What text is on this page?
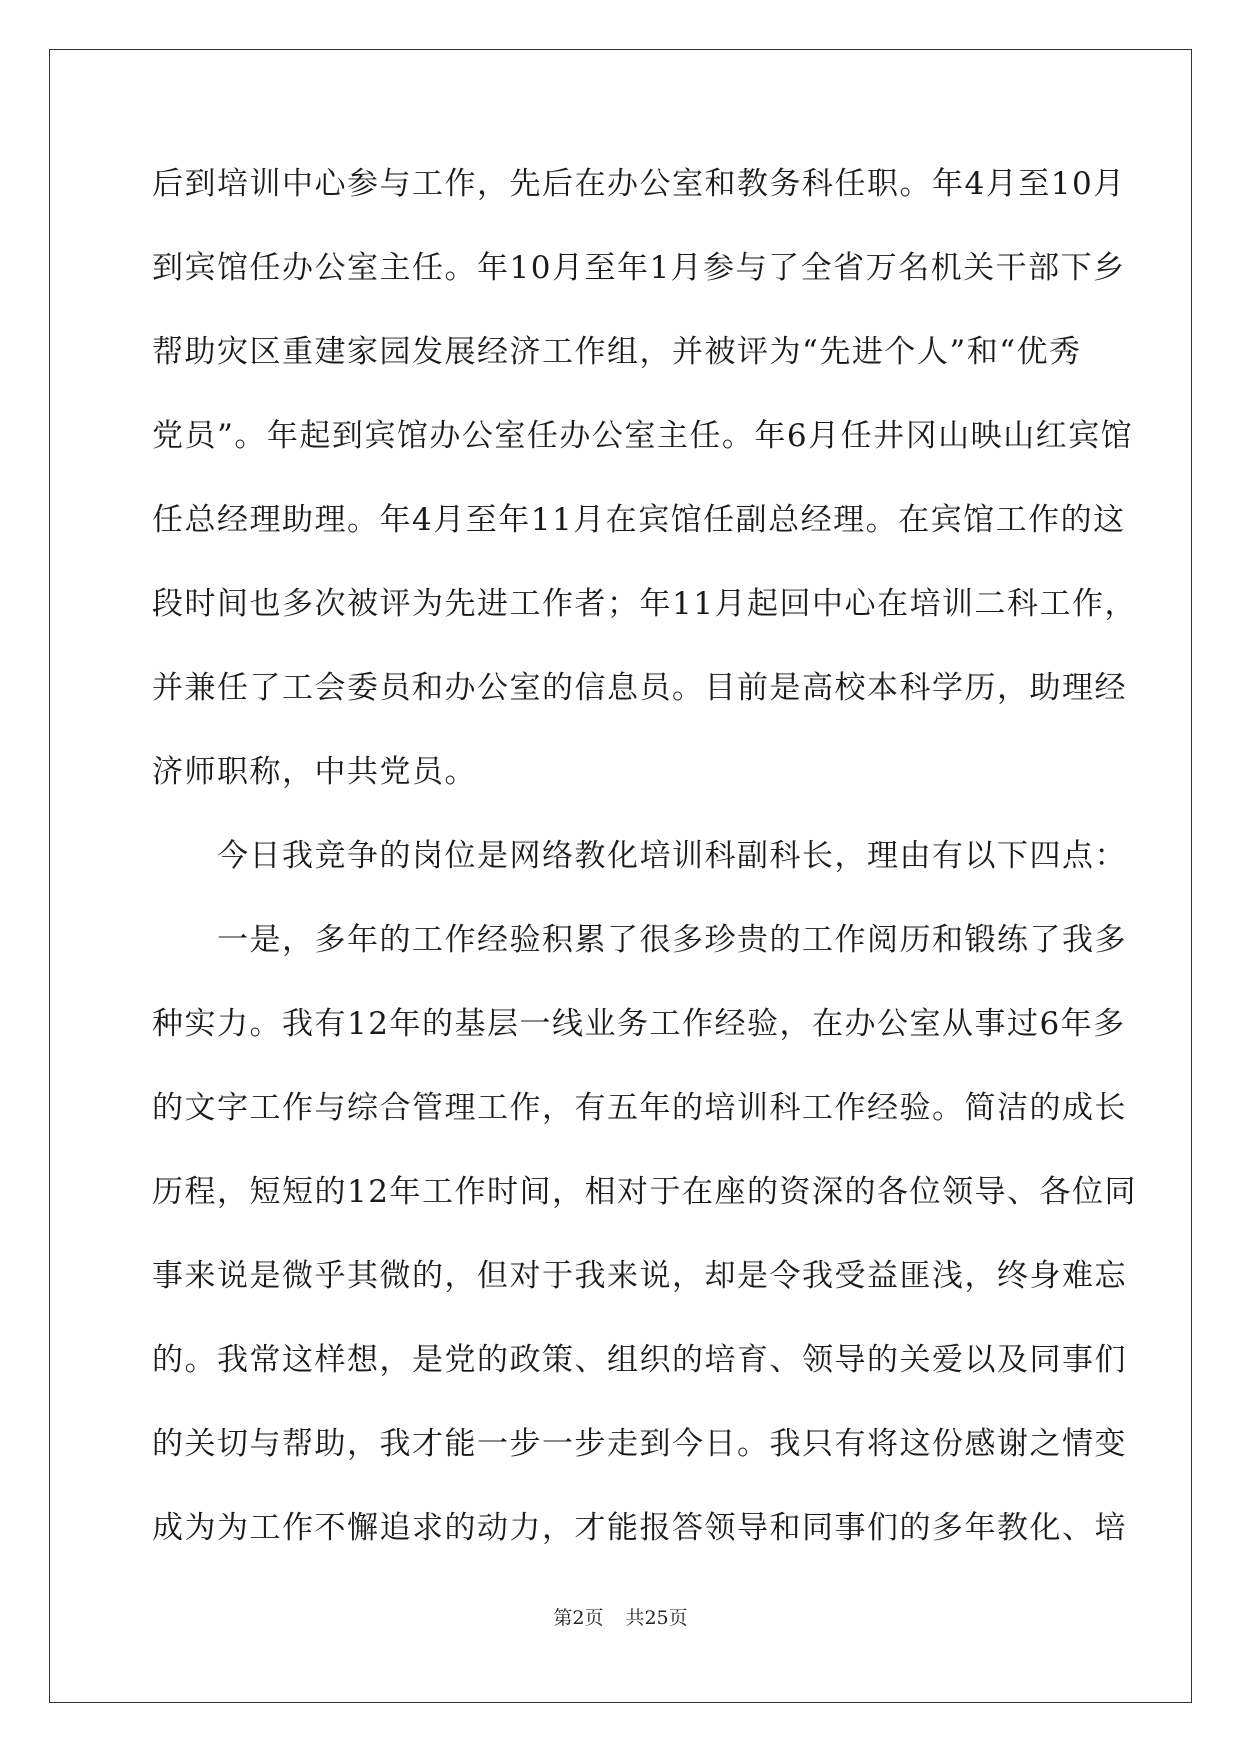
后到培训中心参与工作，先后在办公室和教务科任职。年4月至10月
到宾馆任办公室主任。年10月至年1月参与了全省万名机关干部下乡
帮助灾区重建家园发展经济工作组，并被评为“先进个人”和“优秀
党员”。年起到宾馆办公室任办公室主任。年6月任井冈山映山红宾馆
任总经理助理。年4月至年11月在宾馆任副总经理。在宾馆工作的这
段时间也多次被评为先进工作者；年11月起回中心在培训二科工作，
并兼任了工会委员和办公室的信息员。目前是高校本科学历，助理经
济师职称，中共党员。
　　今日我竞争的岗位是网络教化培训科副科长，理由有以下四点：
　　一是，多年的工作经验积累了很多珍贵的工作阅历和锻练了我多
种实力。我有12年的基层一线业务工作经验，在办公室从事过6年多
的文字工作与综合管理工作，有五年的培训科工作经验。简洁的成长
历程，短短的12年工作时间，相对于在座的资深的各位领导、各位同
事来说是微乎其微的，但对于我来说，却是令我受益匪浅，终身难忘
的。我常这样想，是党的政策、组织的培育、领导的关爱以及同事们
的关切与帮助，我才能一步一步走到今日。我只有将这份感谢之情变
成为为工作不懈追求的动力，才能报答领导和同事们的多年教化、培
第2页 共25页
